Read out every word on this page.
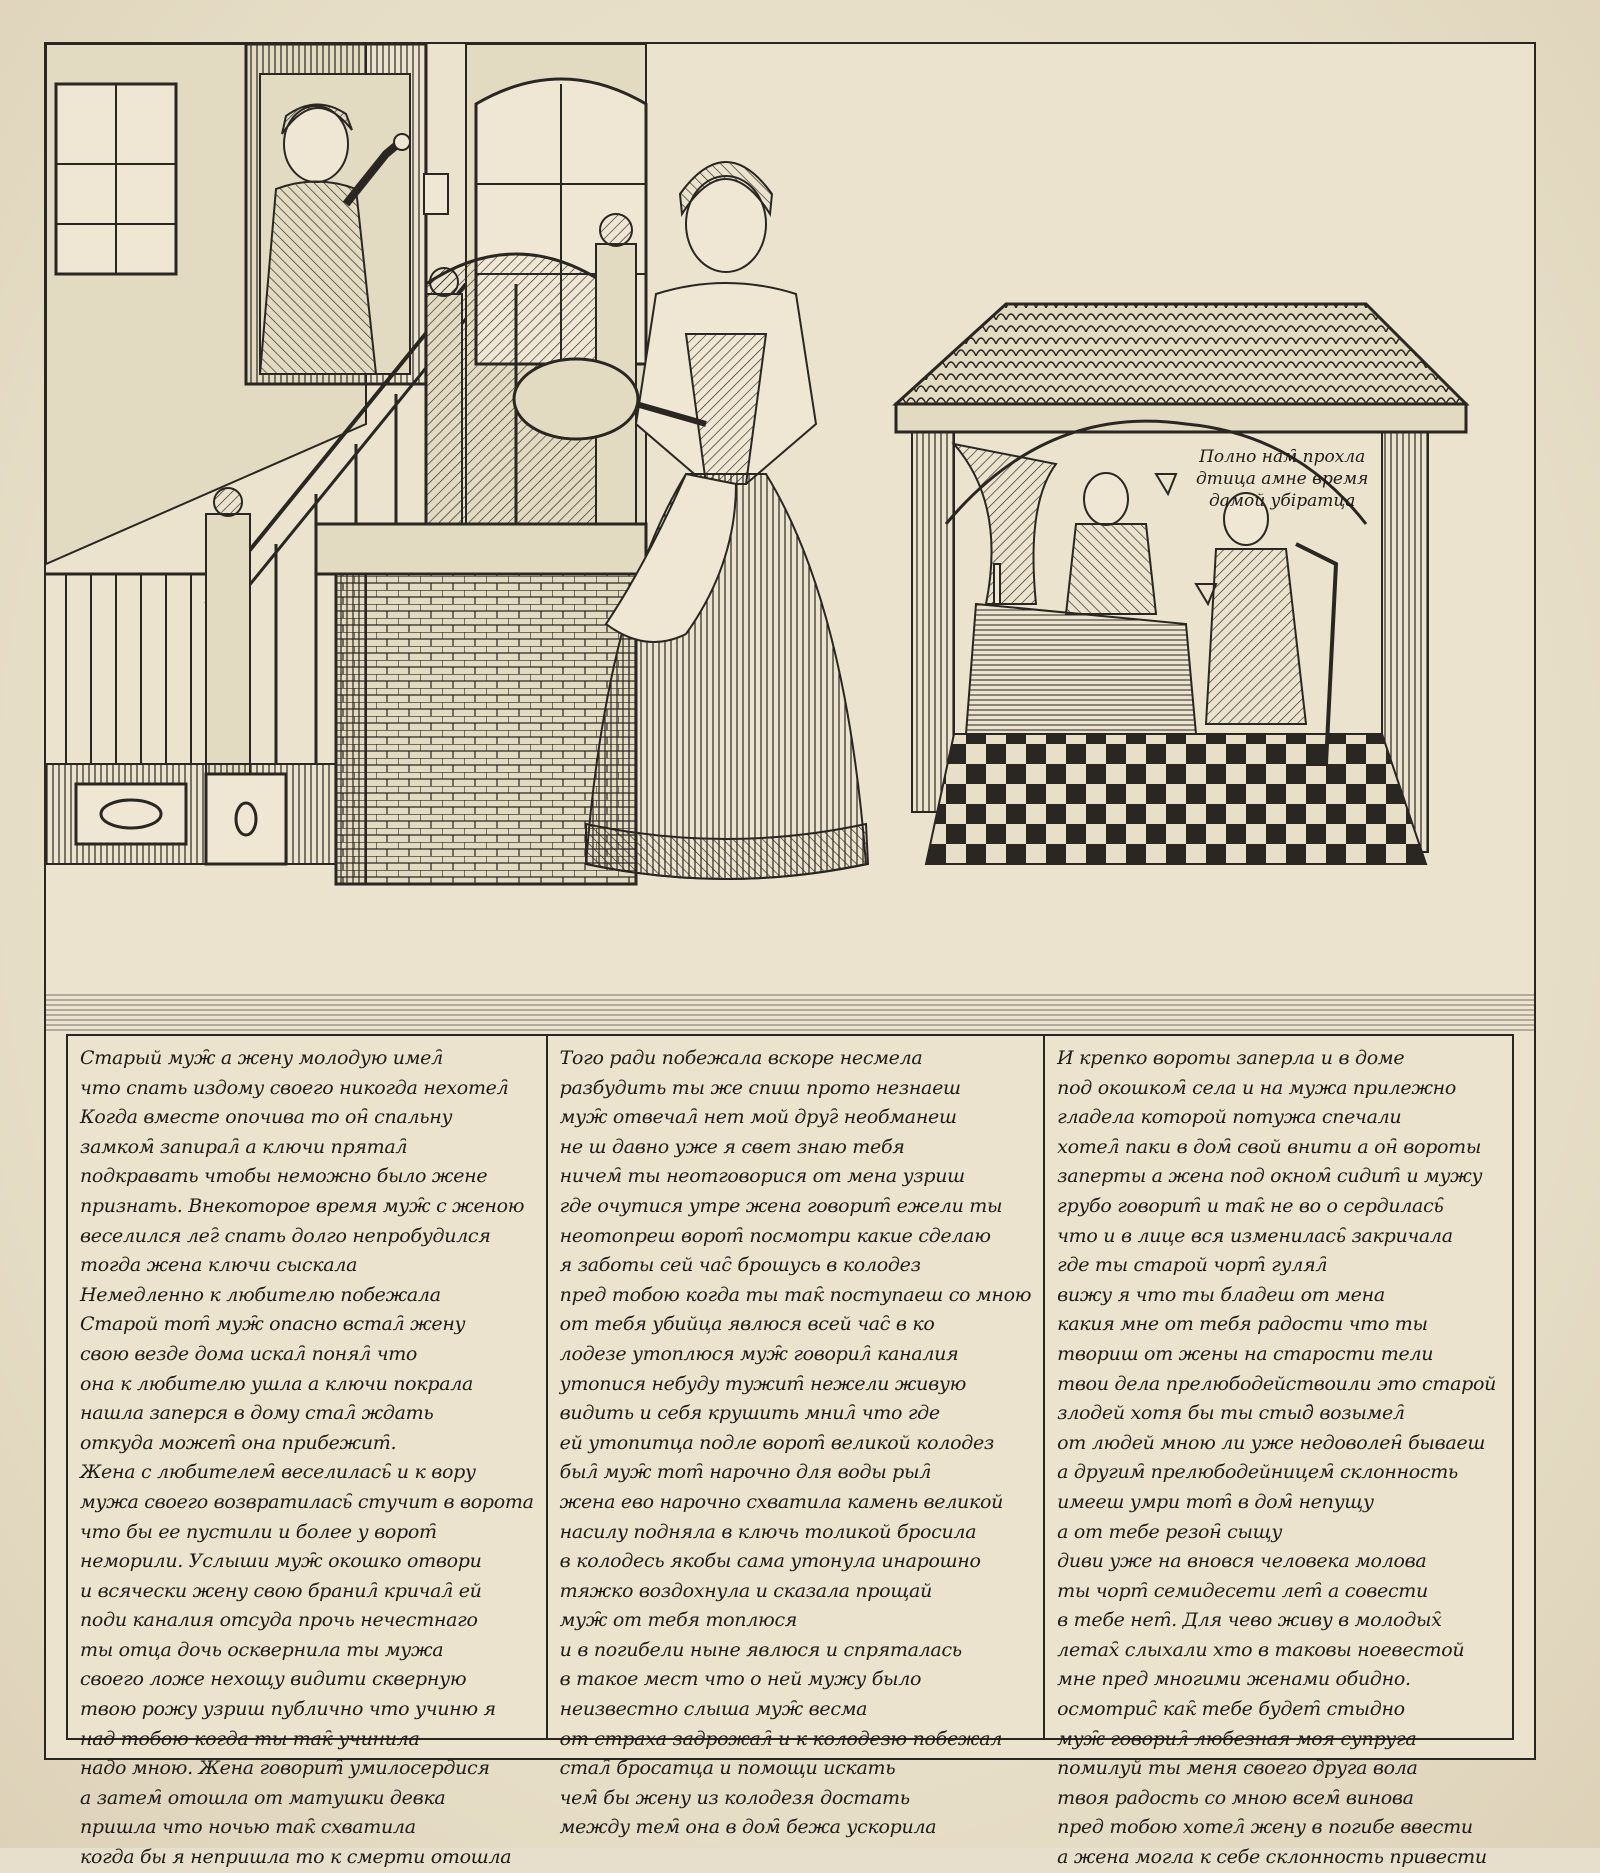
Полно нам̑ прохла
дтица амне время
дамой убiратца
Старый муж̑ а жену молодую имел̑
что спать издому своего никогда нехотел̑
Когда вместе опочива то он̑ спальну
замком̑ запирал̑ а ключи прятал̑
подкравать чтобы неможно было жене
признать. Внекоторое время муж̑ с женою
веселился лег̑ спать долго непробудился
тогда жена ключи сыскала
Немедленно к любителю побежала
Старой тот̑ муж̑ опасно встал̑ жену
свою везде дома искал̑ понял̑ что
она к любителю ушла а ключи покрала
нашла заперся в дому стал̑ ждать
откуда может̑ она прибежит̑.
Жена с любителем̑ веселилась̑ и к вору
мужа своего возвратилась̑ стучит в ворота
что бы ее пустили и более у ворот̑
неморили. Услыши муж̑ окошко отвори
и всячески жену свою бранил̑ кричал̑ ей
поди каналия отсуда прочь нечестнаго
ты отца дочь осквернила ты мужа
своего ложе нехощу видити скверную
твою рожу узриш публично что учиню я
над тобою когда ты так̑ учинила
надо мною. Жена говорит̑ умилосердися
а затем̑ отошла от матушки девка
пришла что ночью так̑ схватила
когда бы я непришла то к смерти отошла
Того ради побежала вскоре несмела
разбудить ты же спиш прото незнаеш
муж̑ отвечал̑ нет мой друг̑ необманеш
не ш давно уже я свет знаю тебя
ничем̑ ты неотговорися от мена узриш
где очутися утре жена говорит̑ ежели ты
неотопреш ворот̑ посмотри какие сделаю
я заботы сей час̑ брошусь в колодез
пред тобою когда ты так̑ поступаеш со мною
от тебя убийца явлюся всей час̑ в ко
лодезе утоплюся муж̑ говорил̑ каналия
утопися небуду тужит̑ нежели живую
видить и себя крушить мнил̑ что где
ей утопитца подле ворот̑ великой колодез
был̑ муж̑ тот̑ нарочно для воды рыл̑
жена ево нарочно схватила камень великой
насилу подняла в ключь толикой бросила
в колодесь якобы сама утонула инарошно
тяжко воздохнула и сказала прощай
муж̑ от тебя топлюся
и в погибели ныне явлюся и спряталась
в такое мест что о ней мужу было
неизвестно слыша муж̑ весма
от страха задрожал̑ и к колодезю побежал
стал̑ бросатца и помощи искать
чем̑ бы жену из колодезя достать
между тем̑ она в дом̑ бежа ускорила
И крепко вороты заперла и в доме
под окошком̑ села и на мужа прилежно
гладела которой потужа спечали
хотел̑ паки в дом̑ свой внити а он̑ вороты
заперты а жена под окном̑ сидит̑ и мужу
грубо говорит̑ и так̑ не во о сердилась̑
что и в лице вся изменилась̑ закричала
где ты старой чорт̑ гулял̑
вижу я что ты бладеш от мена
какия мне от тебя радости что ты
твориш от жены на старости тели
твои дела прелюбодействоили это старой
злодей хотя бы ты стыд̑ возымел̑
от людей мною ли уже недоволен̑ бываеш
а другим̑ прелюбодейницем̑ склонность
имееш умри тот̑ в дом̑ непущу
а от тебе резон̑ сыщу
диви уже на вновся человека молова
ты чорт̑ семидесети лет̑ а совести
в тебе нет̑. Для чево живу в молодых̑
летах̑ слыхали хто в таковы ноевестой
мне пред многими женами обидно.
осмотрис̑ как̑ тебе будет̑ стыдно
муж̑ говорил̑ любезная моя супруга
помилуй ты меня своего друга вола
твоя радость со мною всем̑ винова
пред тобою хотел̑ жену в погибе ввести
а жена могла к себе склонность привести
